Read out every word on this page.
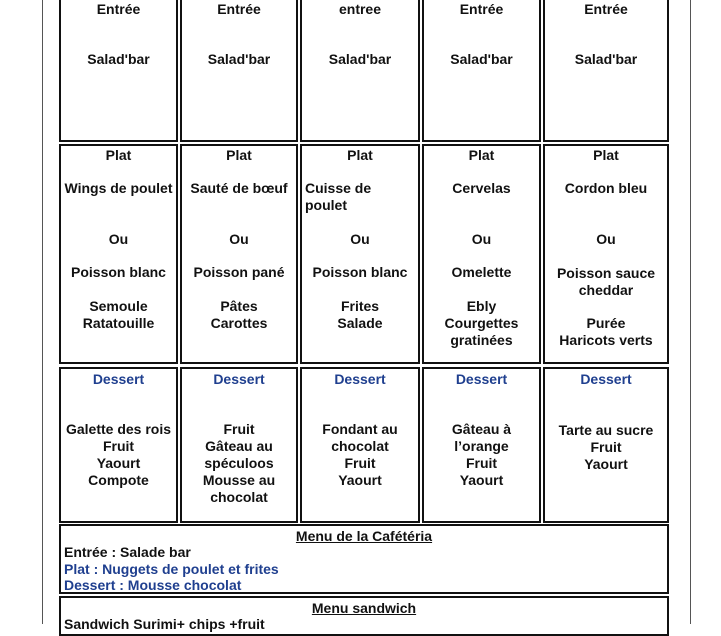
Entrée
Salad'bar
Entrée
Salad'bar
entree
Salad'bar
Entrée
Salad'bar
Entrée
Salad'bar
Plat
Wings de poulet
Ou
Poisson blanc
Semoule
Ratatouille
Plat
Sauté de bœuf
Ou
Poisson pané
Pâtes
Carottes
Plat
Cuisse de
poulet
Ou
Poisson blanc
Frites
Salade
Plat
Cervelas
Ou
Omelette
Ebly
Courgettes
gratinées
Plat
Cordon bleu
Ou
Poisson sauce
cheddar
Purée
Haricots verts
Dessert
Galette des rois
Fruit
Yaourt
Compote
Dessert
Fruit
Gâteau au
spéculoos
Mousse au
chocolat
Dessert
Fondant au
chocolat
Fruit
Yaourt
Dessert
Gâteau à
l’orange
Fruit
Yaourt
Dessert
Tarte au sucre
Fruit
Yaourt
Menu de la Cafétéria
Entrée : Salade bar
Plat : Nuggets de poulet et frites
Dessert : Mousse chocolat
Menu sandwich
Sandwich Surimi+ chips +fruit
